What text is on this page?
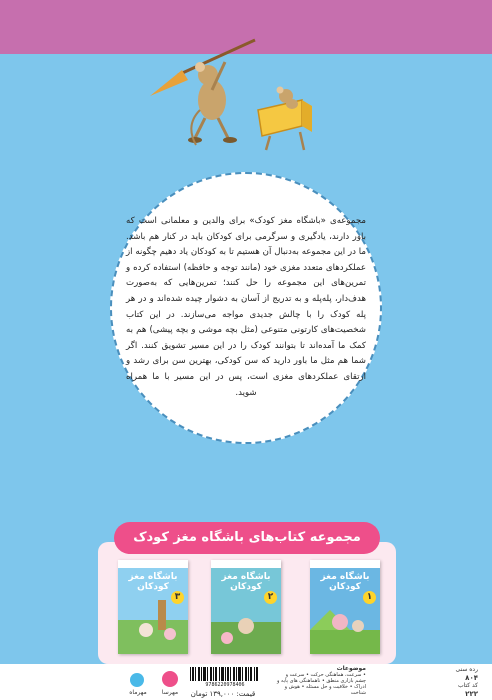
مجموعه‌ی «باشگاه مغز کودک» برای والدین و معلمانی است که باور دارند، یادگیری و سرگرمی برای کودکان باید در کنار هم باشد. ما در این مجموعه به‌دنبال آن هستیم تا به کودکان یاد دهیم چگونه از عملکردهای متعدد مغزی خود (مانند توجه و حافظه) استفاده کرده و تمرین‌های این مجموعه را حل کنند؛ تمرین‌هایی که به‌صورت هدف‌دار، پله‌پله و به تدریج از آسان به دشوار چیده شده‌اند و در هر پله کودک را با چالش جدیدی مواجه می‌سازند. در این کتاب شخصیت‌های کارتونی متنوعی (مثل بچه موشی و بچه پیشی) هم به کمک ما آمده‌اند تا بتوانند کودک را در این مسیر تشویق کنند. اگر شما هم مثل ما باور دارید که سن کودکی، بهترین سن برای رشد و ارتقای عملکردهای مغزی است، پس در این مسیر با ما همراه شوید.

مجموعه کتاب‌های باشگاه مغز کودک
باشگاه مغز کودکان
۳
باشگاه مغز کودکان
۲
باشگاه مغز کودکان
۱
مهرماه	مهرسا
9786220978406
قیمت: ۱۳۹,۰۰۰ تومان
موضوعات
• سرعت، هماهنگی حرکت • سرعت و چشم بازاری منطق • ناهماهنگی های پایه و ادراک • خلاقیت و حل مسئله • هوش و شناخت
رده سنی
۸۰۴
کد کتاب
۲۲۲
